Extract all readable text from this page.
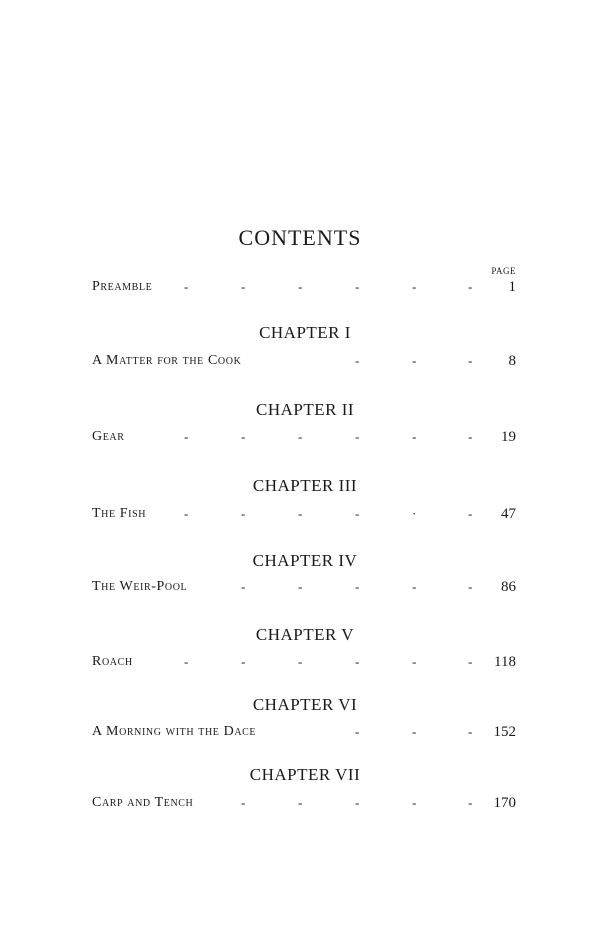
CONTENTS
PAGE
Preamble -	-	-	-	-	- 1
CHAPTER I
A Matter for the Cook	-	-	- 8
CHAPTER II
Gear	-	-	-	-	-	- 19
CHAPTER III
The Fish	-	-	-	-	·	- 47
CHAPTER IV
The Weir-Pool	-	-	-	-	- 86
CHAPTER V
Roach	-	-	-	-	-	- 118
CHAPTER VI
A Morning with the Dace	-	-	- 152
CHAPTER VII
Carp and Tench	-	-	-	-	- 170
